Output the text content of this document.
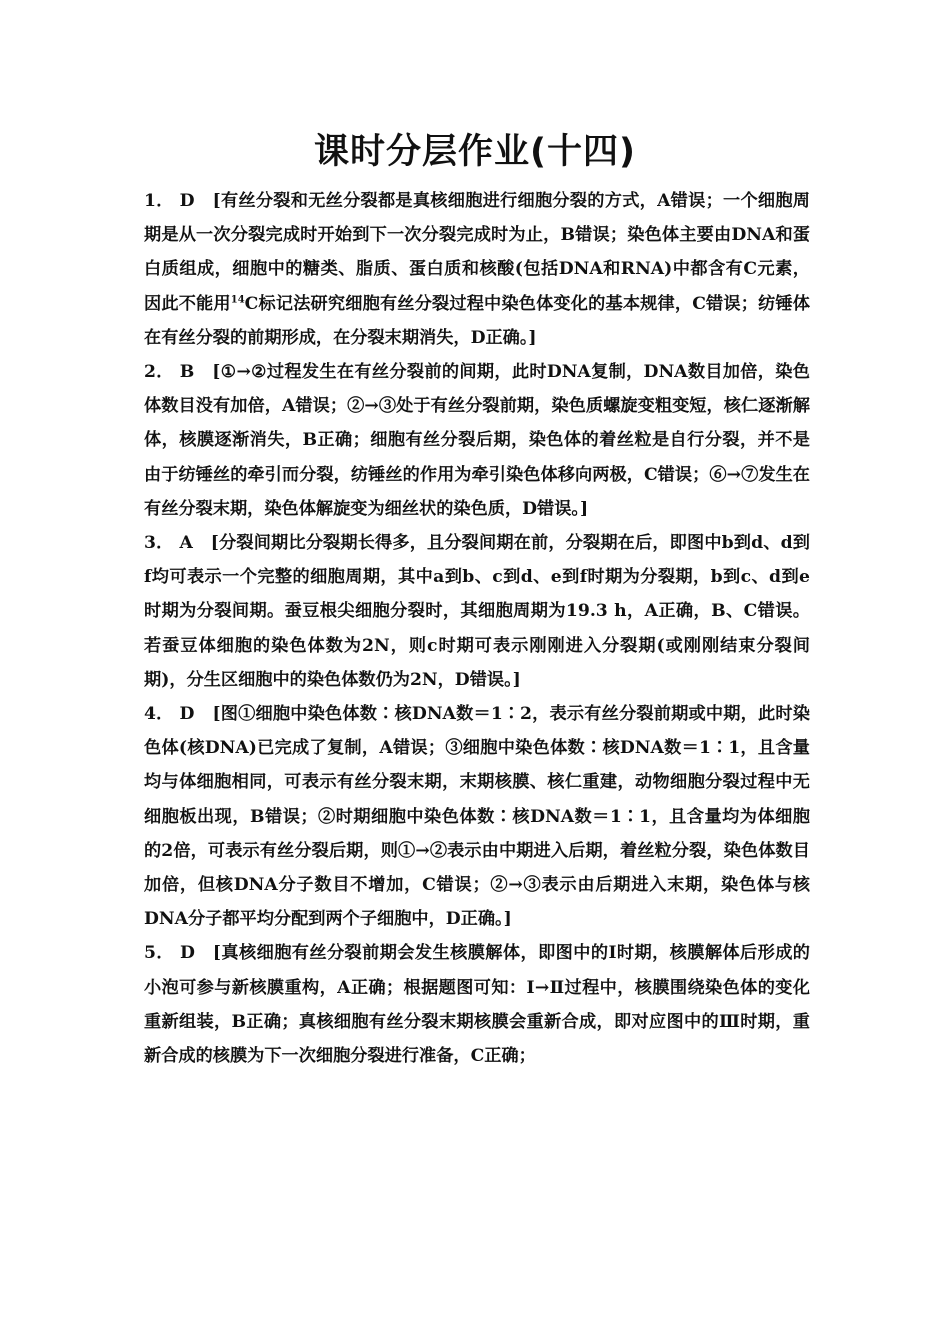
课时分层作业(十四)

1． D [有丝分裂和无丝分裂都是真核细胞进行细胞分裂的方式，A错误；一个细胞周期是从一次分裂完成时开始到下一次分裂完成时为止，B错误；染色体主要由DNA和蛋白质组成，细胞中的糖类、脂质、蛋白质和核酸(包括DNA和RNA)中都含有C元素，因此不能用$^{14}$C标记法研究细胞有丝分裂过程中染色体变化的基本规律，C错误；纺锤体在有丝分裂的前期形成，在分裂末期消失，D正确。]

2． B [①→②过程发生在有丝分裂前的间期，此时DNA复制，DNA数目加倍，染色体数目没有加倍，A错误；②→③处于有丝分裂前期，染色质螺旋变粗变短，核仁逐渐解体，核膜逐渐消失，B正确；细胞有丝分裂后期，染色体的着丝粒是自行分裂，并不是由于纺锤丝的牵引而分裂，纺锤丝的作用为牵引染色体移向两极，C错误；⑥→⑦发生在有丝分裂末期，染色体解旋变为细丝状的染色质，D错误。]

3． A [分裂间期比分裂期长得多，且分裂间期在前，分裂期在后，即图中b到d、d到f均可表示一个完整的细胞周期，其中a到b、c到d、e到f时期为分裂期，b到c、d到e时期为分裂间期。蚕豆根尖细胞分裂时，其细胞周期为19.3 h，A正确，B、C错误。若蚕豆体细胞的染色体数为2N，则c时期可表示刚刚进入分裂期(或刚刚结束分裂间期)，分生区细胞中的染色体数仍为2N，D错误。]

4． D [图①细胞中染色体数∶核DNA数＝1∶2，表示有丝分裂前期或中期，此时染色体(核DNA)已完成了复制，A错误；③细胞中染色体数∶核DNA数＝1∶1，且含量均与体细胞相同，可表示有丝分裂末期，末期核膜、核仁重建，动物细胞分裂过程中无细胞板出现，B错误；②时期细胞中染色体数∶核DNA数＝1∶1，且含量均为体细胞的2倍，可表示有丝分裂后期，则①→②表示由中期进入后期，着丝粒分裂，染色体数目加倍，但核DNA分子数目不增加，C错误；②→③表示由后期进入末期，染色体与核DNA分子都平均分配到两个子细胞中，D正确。]

5． D [真核细胞有丝分裂前期会发生核膜解体，即图中的Ⅰ时期，核膜解体后形成的小泡可参与新核膜重构，A正确；根据题图可知：Ⅰ→Ⅱ过程中，核膜围绕染色体的变化重新组装，B正确；真核细胞有丝分裂末期核膜会重新合成，即对应图中的Ⅲ时期，重新合成的核膜为下一次细胞分裂进行准备，C正确；
